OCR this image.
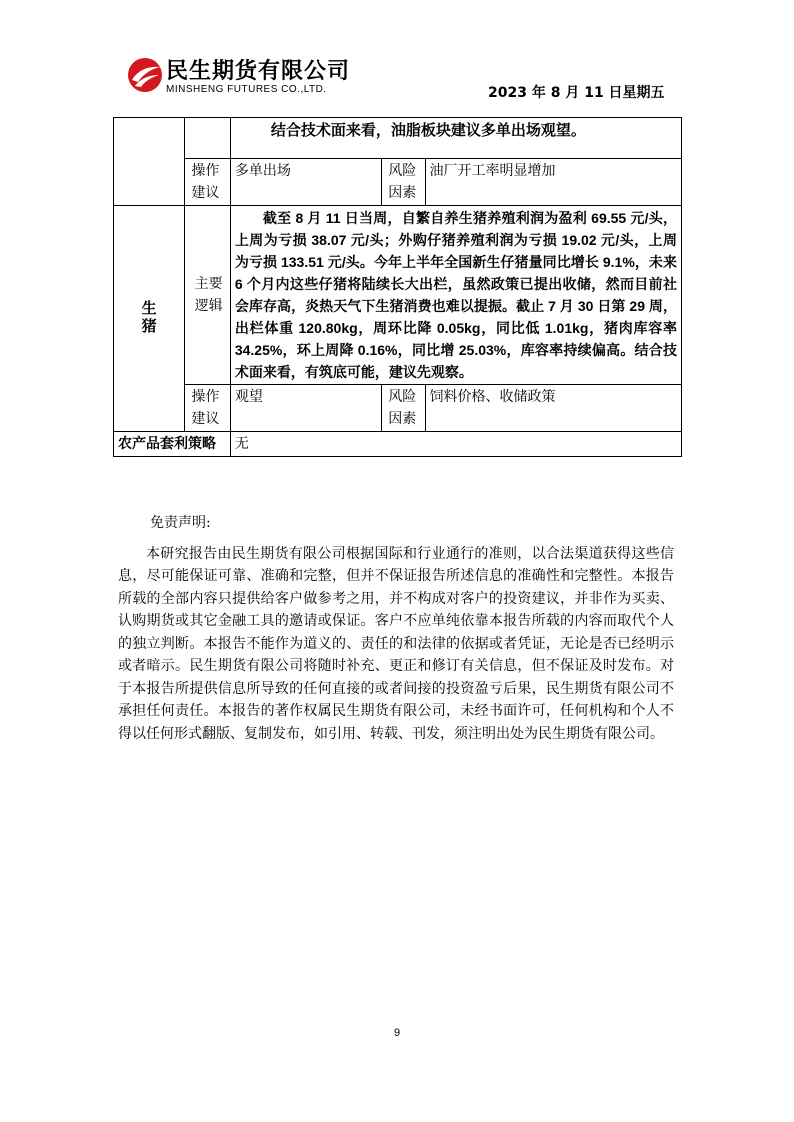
民生期货有限公司
MINSHENG FUTURES CO.,LTD.	2023 年 8 月 11 日星期五
		结合技术面来看，油脂板块建议多单出场观望。		
	操作建议	多单出场	风险因素	油厂开工率明显增加
生猪	主要逻辑	截至 8 月 11 日当周，自繁自养生猪养殖利润为盈利 69.55 元/头，上周为亏损 38.07 元/头；外购仔猪养殖利润为亏损 19.02 元/头，上周为亏损 133.51 元/头。今年上半年全国新生仔猪量同比增长 9.1%，未来 6 个月内这些仔猪将陆续长大出栏，虽然政策已提出收储，然而目前社会库存高，炎热天气下生猪消费也难以提振。截止 7 月 30 日第 29 周，出栏体重 120.80kg，周环比降 0.05kg，同比低 1.01kg，猪肉库容率 34.25%，环上周降 0.16%，同比增 25.03%，库容率持续偏高。结合技术面来看，有筑底可能，建议先观察。		
	操作建议	观望	风险因素	饲料价格、收储政策
农产品套利策略		无		

免责声明:

本研究报告由民生期货有限公司根据国际和行业通行的准则，以合法渠道获得这些信息，尽可能保证可靠、准确和完整，但并不保证报告所述信息的准确性和完整性。本报告所载的全部内容只提供给客户做参考之用，并不构成对客户的投资建议，并非作为买卖、认购期货或其它金融工具的邀请或保证。客户不应单纯依靠本报告所载的内容而取代个人的独立判断。本报告不能作为道义的、责任的和法律的依据或者凭证，无论是否已经明示或者暗示。民生期货有限公司将随时补充、更正和修订有关信息，但不保证及时发布。对于本报告所提供信息所导致的任何直接的或者间接的投资盈亏后果，民生期货有限公司不承担任何责任。本报告的著作权属民生期货有限公司，未经书面许可，任何机构和个人不得以任何形式翻版、复制发布，如引用、转载、刊发，须注明出处为民生期货有限公司。

9
